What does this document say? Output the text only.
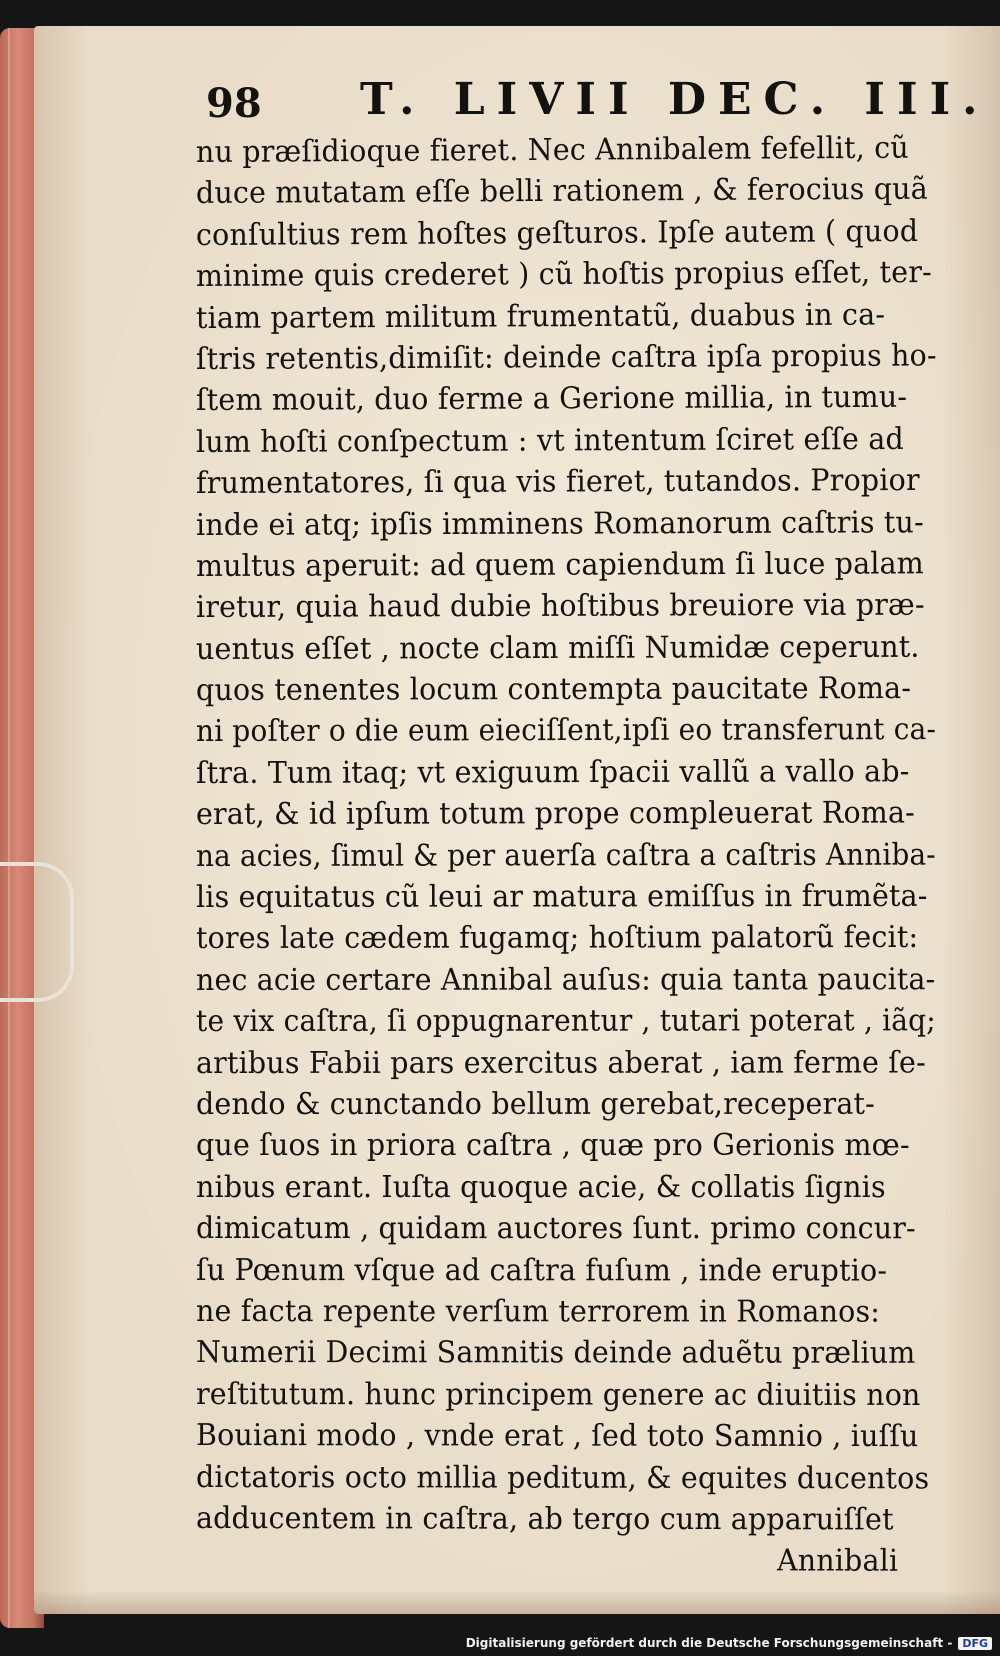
98 T. LIVII DEC. III.
nu præſidioque fieret. Nec Annibalem fefellit, cũ
duce mutatam eſſe belli rationem , & ferocius quã
conſultius rem hoſtes geſturos. Ipſe autem ( quod
minime quis crederet ) cũ hoſtis propius eſſet, ter-
tiam partem militum frumentatũ, duabus in ca-
ſtris retentis,dimiſit: deinde caſtra ipſa propius ho-
ſtem mouit, duo ferme a Gerione millia, in tumu-
lum hoſti conſpectum : vt intentum ſciret eſſe ad
frumentatores, ſi qua vis fieret, tutandos. Propior
inde ei atq; ipſis imminens Romanorum caſtris tu-
multus aperuit: ad quem capiendum ſi luce palam
iretur, quia haud dubie hoſtibus breuiore via præ-
uentus eſſet , nocte clam miſſi Numidæ ceperunt.
quos tenentes locum contempta paucitate Roma-
ni poſter o die eum eieciſſent,ipſi eo transferunt ca-
ſtra. Tum itaq; vt exiguum ſpacii vallũ a vallo ab-
erat, & id ipſum totum prope compleuerat Roma-
na acies, ſimul & per auerſa caſtra a caſtris Anniba-
lis equitatus cũ leui ar matura emiſſus in frumẽta-
tores late cædem fugamq; hoſtium palatorũ fecit:
nec acie certare Annibal auſus: quia tanta paucita-
te vix caſtra, ſi oppugnarentur , tutari poterat , iãq;
artibus Fabii pars exercitus aberat , iam ferme ſe-
dendo & cunctando bellum gerebat,receperat-
que ſuos in priora caſtra , quæ pro Gerionis mœ-
nibus erant. Iuſta quoque acie, & collatis ſignis
dimicatum , quidam auctores ſunt. primo concur-
ſu Pœnum vſque ad caſtra fuſum , inde eruptio-
ne facta repente verſum terrorem in Romanos:
Numerii Decimi Samnitis deinde aduẽtu prælium
reſtitutum. hunc principem genere ac diuitiis non
Bouiani modo , vnde erat , ſed toto Samnio , iuſſu
dictatoris octo millia peditum, & equites ducentos
adducentem in caſtra, ab tergo cum apparuiſſet
Annibali
Digitalisierung gefördert durch die Deutsche Forschungsgemeinschaft - DFG
